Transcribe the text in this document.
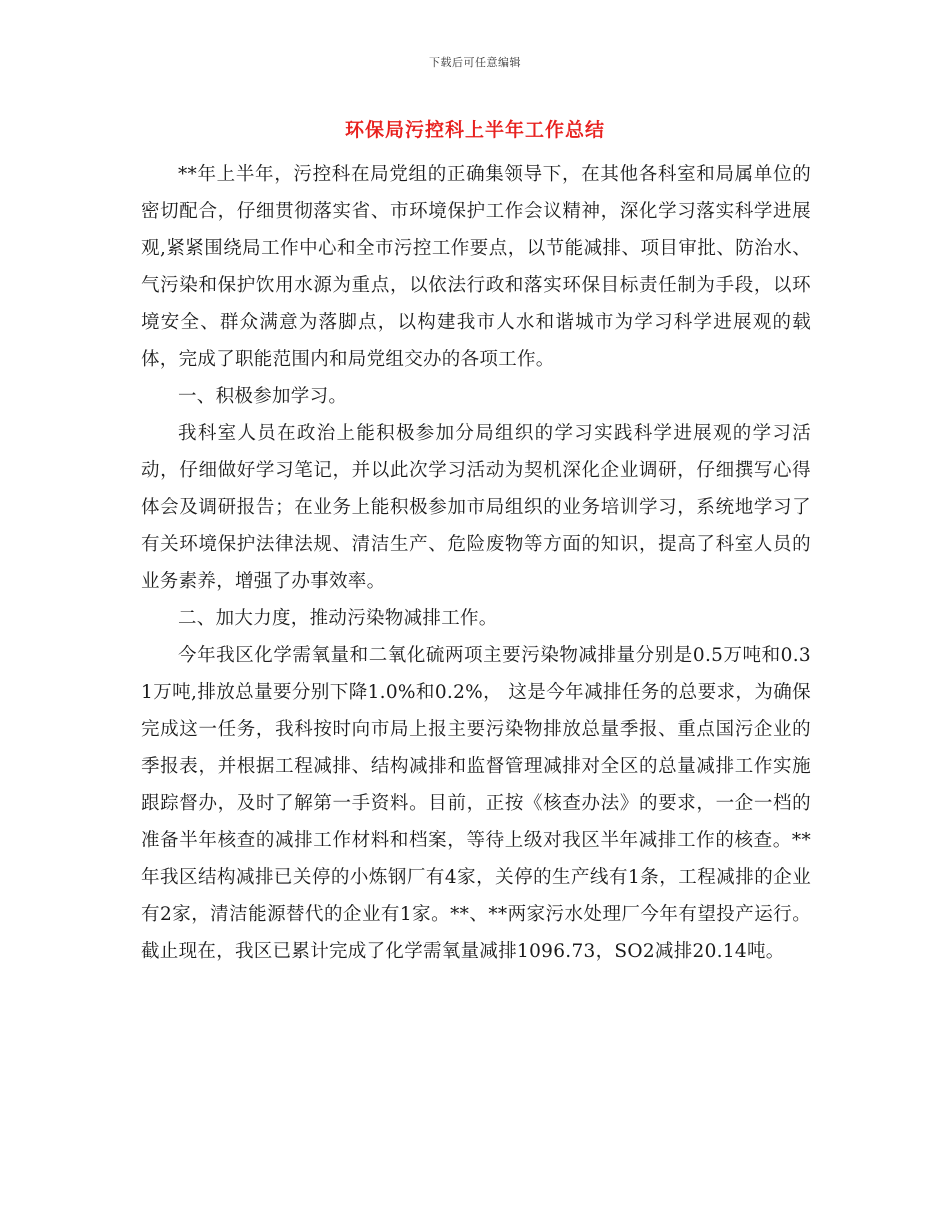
下载后可任意编辑
环保局污控科上半年工作总结

**年上半年，污控科在局党组的正确集领导下，在其他各科室和局属单位的密切配合，仔细贯彻落实省、市环境保护工作会议精神，深化学习落实科学进展观,紧紧围绕局工作中心和全市污控工作要点，以节能减排、项目审批、防治水、气污染和保护饮用水源为重点，以依法行政和落实环保目标责任制为手段，以环境安全、群众满意为落脚点，以构建我市人水和谐城市为学习科学进展观的载体，完成了职能范围内和局党组交办的各项工作。

一、积极参加学习。

我科室人员在政治上能积极参加分局组织的学习实践科学进展观的学习活动，仔细做好学习笔记，并以此次学习活动为契机深化企业调研，仔细撰写心得体会及调研报告；在业务上能积极参加市局组织的业务培训学习，系统地学习了有关环境保护法律法规、清洁生产、危险废物等方面的知识，提高了科室人员的业务素养，增强了办事效率。

二、加大力度，推动污染物减排工作。

今年我区化学需氧量和二氧化硫两项主要污染物减排量分别是0.5万吨和0.31万吨,排放总量要分别下降1.0%和0.2%， 这是今年减排任务的总要求，为确保完成这一任务，我科按时向市局上报主要污染物排放总量季报、重点国污企业的季报表，并根据工程减排、结构减排和监督管理减排对全区的总量减排工作实施跟踪督办，及时了解第一手资料。目前，正按《核查办法》的要求，一企一档的准备半年核查的减排工作材料和档案，等待上级对我区半年减排工作的核查。**年我区结构减排已关停的小炼钢厂有4家，关停的生产线有1条，工程减排的企业有2家，清洁能源替代的企业有1家。**、**两家污水处理厂今年有望投产运行。截止现在，我区已累计完成了化学需氧量减排1096.73，SO2减排20.14吨。
